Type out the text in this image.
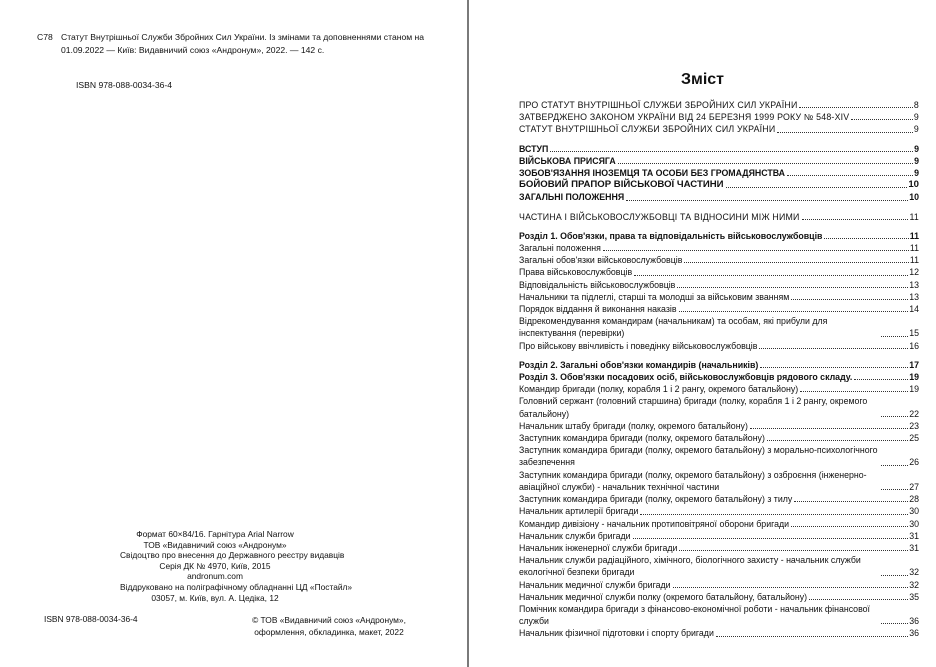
С78 Статут Внутрішньої Служби Збройних Сил України. Із змінами та доповненнями станом на
01.09.2022 — Київ: Видавничий союз «Андронум», 2022. — 142 с.
ISBN 978-088-0034-36-4
Формат 60×84/16. Гарнітура Arial Narrow
ТОВ «Видавничий союз «Андронум»
Свідоцтво про внесення до Державного реєстру видавців
Серія ДК № 4970, Київ, 2015
andronum.com
Віддруковано на поліграфічному обладнанні ЦД «Постайл»
03057, м. Київ, вул. А. Цедіка, 12
ISBN 978-088-0034-36-4	© ТОВ «Видавничий союз «Андронум»,
оформлення, обкладинка, макет, 2022
Зміст
ПРО СТАТУТ ВНУТРІШНЬОЇ СЛУЖБИ ЗБРОЙНИХ СИЛ УКРАЇНИ	8
ЗАТВЕРДЖЕНО ЗАКОНОМ УКРАЇНИ ВІД 24 БЕРЕЗНЯ 1999 РОКУ № 548-XIV	9
СТАТУТ ВНУТРІШНЬОЇ СЛУЖБИ ЗБРОЙНИХ СИЛ УКРАЇНИ	9
ВСТУП	9
ВІЙСЬКОВА ПРИСЯГА	9
ЗОБОВ'ЯЗАННЯ ІНОЗЕМЦЯ ТА ОСОБИ БЕЗ ГРОМАДЯНСТВА	9
БОЙОВИЙ ПРАПОР ВІЙСЬКОВОЇ ЧАСТИНИ	10
ЗАГАЛЬНІ ПОЛОЖЕННЯ	10
ЧАСТИНА І ВІЙСЬКОВОСЛУЖБОВЦІ ТА ВІДНОСИНИ МІЖ НИМИ	11
Розділ 1. Обов'язки, права та відповідальність військовослужбовців	11
Загальні положення	11
Загальні обов'язки військовослужбовців	11
Права військовослужбовців	12
Відповідальність військовослужбовців	13
Начальники та підлеглі, старші та молодші за військовим званням	13
Порядок віддання й виконання наказів	14
Відрекомендування командирам (начальникам) та особам, які прибули для інспектування (перевірки)	15
Про військову ввічливість і поведінку військовослужбовців	16
Розділ 2. Загальні обов'язки командирів (начальників)	17
Розділ 3. Обов'язки посадових осіб, військовослужбовців рядового складу.	19
Командир бригади (полку, корабля 1 і 2 рангу, окремого батальйону)	19
Головний сержант (головний старшина) бригади (полку, корабля 1 і 2 рангу, окремого батальйону)	22
Начальник штабу бригади (полку, окремого батальйону)	23
Заступник командира бригади (полку, окремого батальйону)	25
Заступник командира бригади (полку, окремого батальйону) з морально-психологічного забезпечення	26
Заступник командира бригади (полку, окремого батальйону) з озброєння (інженерно-авіаційної служби) - начальник технічної частини	27
Заступник командира бригади (полку, окремого батальйону) з тилу	28
Начальник артилерії бригади	30
Командир дивізіону - начальник протиповітряної оборони бригади	30
Начальник служби бригади	31
Начальник інженерної служби бригади	31
Начальник служби радіаційного, хімічного, біологічного захисту - начальник служби екологічної безпеки бригади	32
Начальник медичної служби бригади	32
Начальник медичної служби полку (окремого батальйону, батальйону)	35
Помічник командира бригади з фінансово-економічної роботи - начальник фінансової служби	36
Начальник фізичної підготовки і спорту бригади	36
